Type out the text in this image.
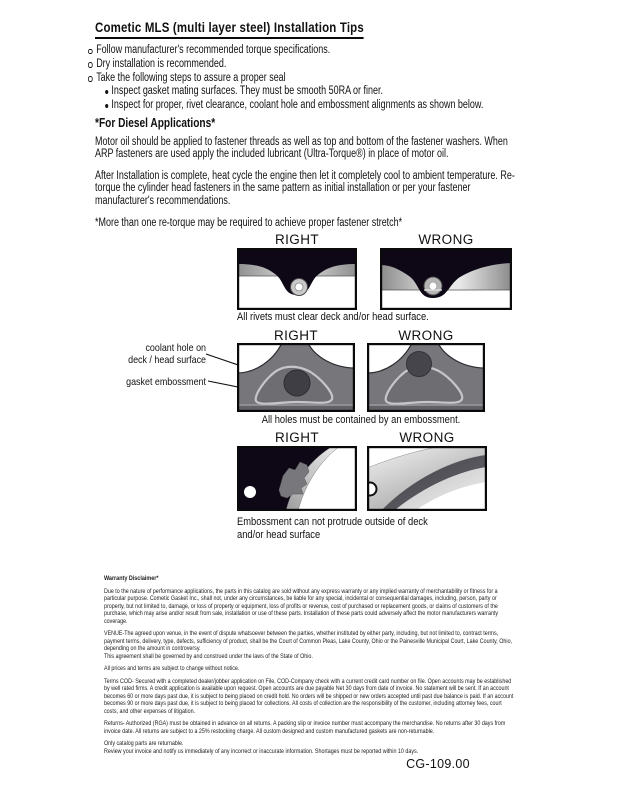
Cometic MLS (multi layer steel) Installation Tips
Follow manufacturer's recommended torque specifications.
Dry installation is recommended.
Take the following steps to assure a proper seal
Inspect gasket mating surfaces. They must be smooth 50RA or finer.
Inspect for proper, rivet clearance, coolant hole and embossment alignments as shown below.
*For Diesel Applications*

Motor oil should be applied to fastener threads as well as top and bottom of the fastener washers. When ARP fasteners are used apply the included lubricant (Ultra-Torque®) in place of motor oil.

After Installation is complete, heat cycle the engine then let it completely cool to ambient temperature. Re-torque the cylinder head fasteners in the same pattern as initial installation or per your fastener manufacturer's recommendations.

*More than one re-torque may be required to achieve proper fastener stretch*

RIGHT	WRONG
All rivets must clear deck and/or head surface.
RIGHT	WRONG
coolant hole on
deck / head surface
gasket embossment
All holes must be contained by an embossment.
RIGHT	WRONG
Embossment can not protrude outside of deck
and/or head surface
Warranty Disclaimer*

Due to the nature of performance applications, the parts in this catalog are sold without any express warranty or any implied warranty of merchantability or fitness for a particular purpose. Cometic Gasket Inc., shall not, under any circumstances, be liable for any special, incidental or consequential damages, including, person, party or property, but not limited to, damage, or loss of property or equipment, loss of profits or revenue, cost of purchased or replacement goods, or claims of customers of the purchase, which may arise and/or result from sale, installation or use of these parts. Installation of these parts could adversely affect the motor manufacturers warranty coverage.

VENUE-The agreed upon venue, in the event of dispute whatsoever between the parties, whether instituted by either party, including, but not limited to, contract terms, payment terms, delivery, type, defects, sufficiency of product, shall be the Court of Common Pleas, Lake County, Ohio or the Painesville Municipal Court, Lake County, Ohio, depending on the amount in controversy.

This agreement shall be governed by and construed under the laws of the State of Ohio.

All prices and terms are subject to change without notice.

Terms COD- Secured with a completed dealer/jobber application on File, COD-Company check with a current credit card number on file. Open accounts may be established by well rated firms. A credit application is available upon request. Open accounts are due payable Net 30 days from date of invoice. No statement will be sent. If an account becomes 60 or more days past due, it is subject to being placed on credit hold. No orders will be shipped or new orders accepted until past due balance is paid. If an account becomes 90 or more days past due, it is subject to being placed for collections. All costs of collection are the responsibility of the customer, including attorney fees, court costs, and other expenses of litigation.

Returns- Authorized (RGA) must be obtained in advance on all returns. A packing slip or invoice number must accompany the merchandise. No returns after 30 days from invoice date. All returns are subject to a 25% restocking charge. All custom designed and custom manufactured gaskets are non-returnable.

Only catalog parts are returnable.

Review your invoice and notify us immediately of any incorrect or inaccurate information. Shortages must be reported within 10 days.

CG-109.00
